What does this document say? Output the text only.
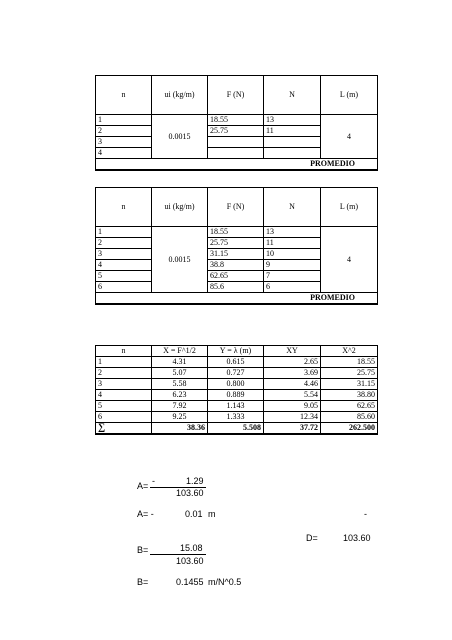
n	ui (kg/m)	F (N)	N	L (m)
1	0.0015	18.55	13	4
2		25.75	11	
3				
4				
PROMEDIO				
n	ui (kg/m)	F (N)	N	L (m)
1	0.0015	18.55	13	4
2		25.75	11	
3		31.15	10	
4		38.8	9	
5		62.65	7	
6		85.6	6	
PROMEDIO				
n	X = F^1/2	Y = λ (m)	XY	X^2
1	4.31	0.615	2.65	18.55
2	5.07	0.727	3.69	25.75
3	5.58	0.800	4.46	31.15
4	6.23	0.889	5.54	38.80
5	7.92	1.143	9.05	62.65
6	9.25	1.333	12.34	85.60
∑	38.36	5.508	37.72	262.500
A= -	1.29
103.60
A= -	0.01 m	-
D=	103.60
B=	15.08
103.60
B=	0.1455 m/N^0.5
